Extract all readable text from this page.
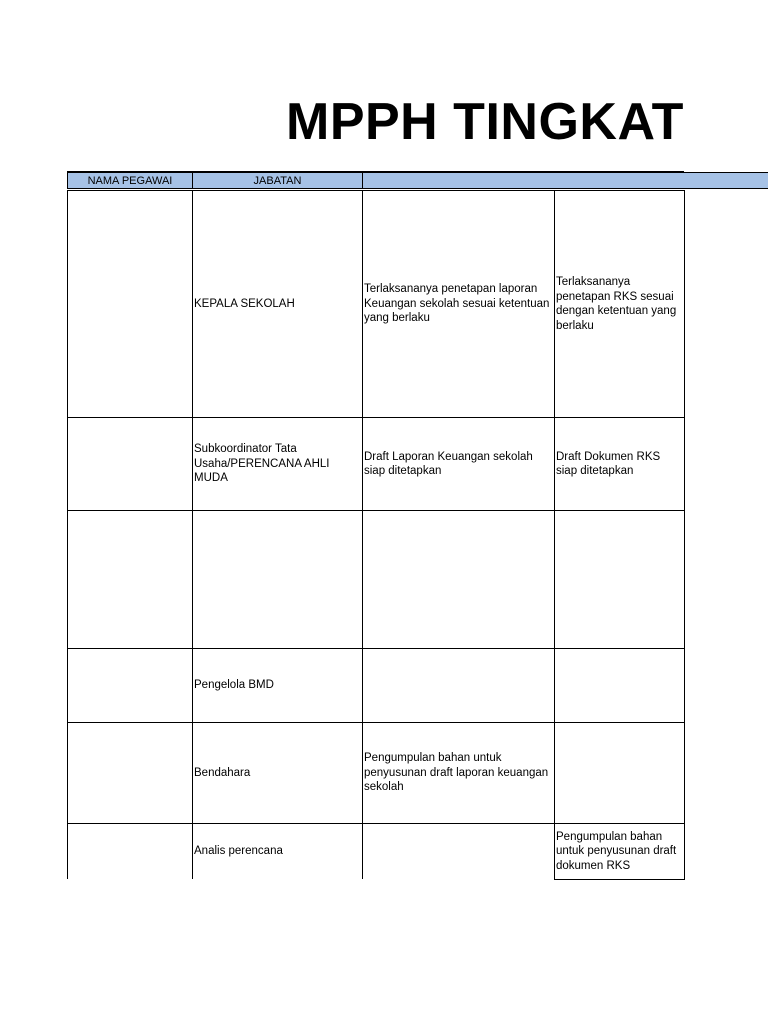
MPPH TINGKAT
NAMA PEGAWAI	JABATAN
KEPALA SEKOLAH
Terlaksananya penetapan laporan Keuangan sekolah sesuai ketentuan yang berlaku
Terlaksananya penetapan RKS sesuai dengan ketentuan yang berlaku
Subkoordinator Tata Usaha/PERENCANA AHLI MUDA
Draft Laporan Keuangan sekolah siap ditetapkan
Draft Dokumen RKS siap ditetapkan
Pengelola BMD
Bendahara
Pengumpulan bahan untuk penyusunan draft laporan keuangan sekolah
Analis perencana
Pengumpulan bahan untuk penyusunan draft dokumen RKS
